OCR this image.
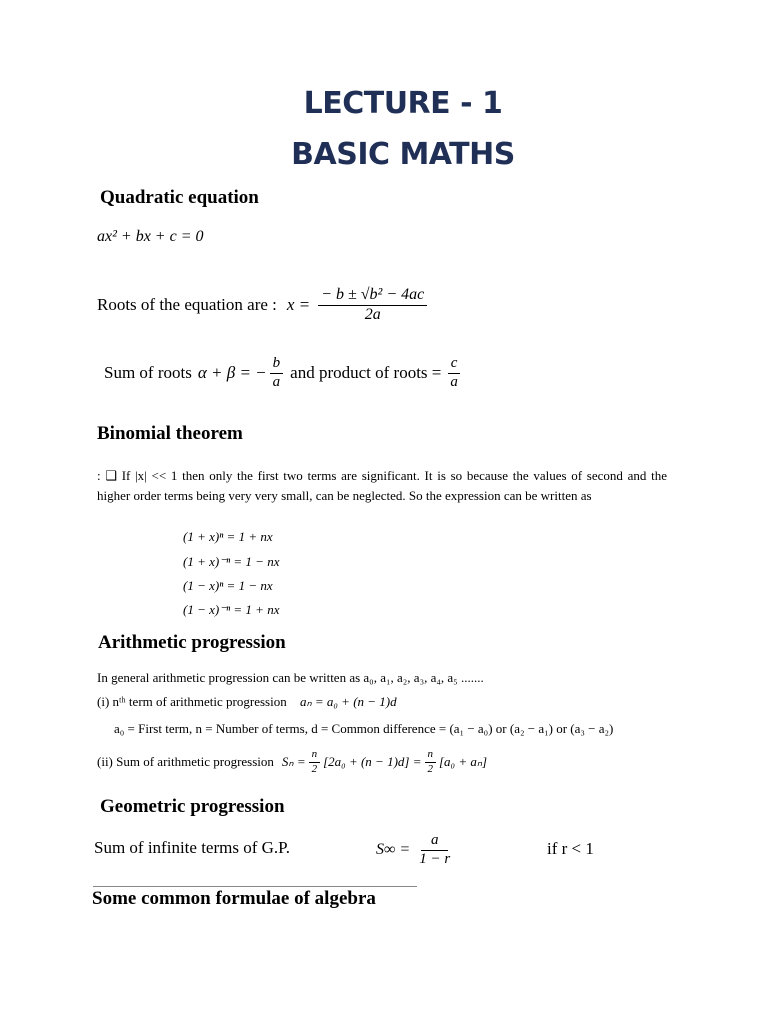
LECTURE - 1
BASIC MATHS
Quadratic equation
ax² + bx + c = 0
Roots of the equation are : $x = \frac{\text{− b ± √b² − 4ac}}{2a}$
Sum of roots α + β = − $\frac{b}{a}$ and product of roots = $\frac{c}{a}$
Binomial theorem
: ❑ If |x| << 1 then only the first two terms are significant. It is so because the values of second and the higher order terms being very very small, can be neglected. So the expression can be written as
(1 + x)ⁿ = 1 + nx
(1 + x)⁻ⁿ = 1 − nx
(1 − x)ⁿ = 1 − nx
(1 − x)⁻ⁿ = 1 + nx
Arithmetic progression
In general arithmetic progression can be written as a₀, a₁, a₂, a₃, a₄, a₅ .......
(i) nᵗʰ term of arithmetic progression aₙ = a₀ + (n − 1)d
a₀ = First term, n = Number of terms, d = Common difference = (a₁ − a₀) or (a₂ − a₁) or (a₃ − a₂)
(ii) Sum of arithmetic progression $S_n = \frac{n}{2} [2a_0 + (n - 1)d] = \frac{n}{2} [a_0 + a_n]$
Geometric progression
Sum of infinite terms of G.P.	$S\infty = \frac{a}{1 - r}$	if r < 1
Some common formulae of algebra
